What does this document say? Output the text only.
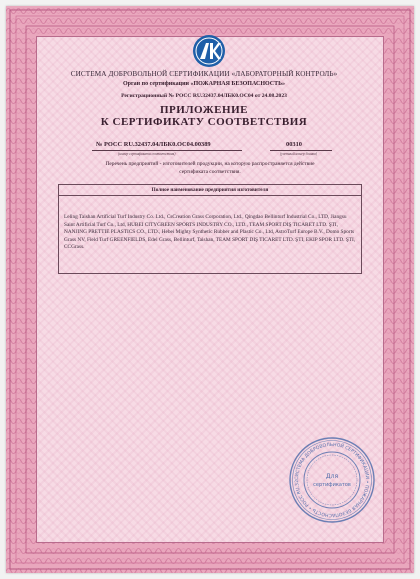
СИСТЕМА ДОБРОВОЛЬНОЙ СЕРТИФИКАЦИИ «ЛАБОРАТОРНЫЙ КОНТРОЛЬ»
Орган по сертификации «ПОЖАРНАЯ БЕЗОПАСНОСТЬ»
Регистрационный № РОСС RU.32437.04ЛБК0.ОС04 от 24.08.2023
ПРИЛОЖЕНИЕ
К СЕРТИФИКАТУ СООТВЕТСТВИЯ
№ РОСС RU.32437.04ЛБК0.ОС04.00389	00310
(номер сертификата соответствия)	(учетный номер бланка)
Перечень предприятий - изготовителей продукции, на которую распространяется действие сертификата соответствия.
Полное наименование предприятия изготовителя
Leling Taishan Artificial Turf Industry Co. Ltd., CsCreation Grass Corporation, Ltd., Qingdao Bellinturf Industrial Co., LTD, Jiangsu Saint Artificial Turf Co., Ltd, HUBEI CITYGREEN SPORTS INDUSTRY CO., LTD., TEAM SPORT DIŞ TICARET LTD. ŞTI, NANJING PRETTIE PLASTICS CO., LTD., Hebei Mighty Synthetic Rubber and Plastic Co., Ltd, AstroTurf Europe B.V., Domo Sports Grass NV, Field Turf GREENFIELDS, Edel Grass, Bellinturf, Taishan, TEAM SPORT DIŞ TICARET LTD. ŞTI, EKIP SPOR LTD. ŞTI, CCGrass.
СИСТЕМА ДОБРОВОЛЬНОЙ СЕРТИФИКАЦИИ • ПОЖАРНАЯ БЕЗОПАСНОСТЬ • РОСС RU.32
Для
сертификатов
